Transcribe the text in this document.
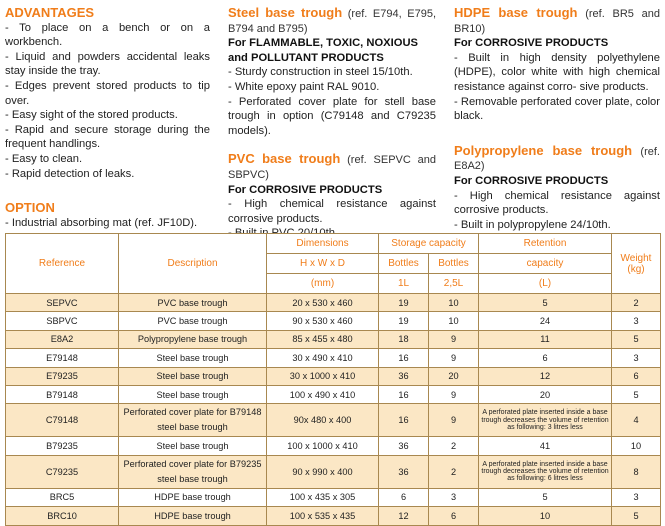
ADVANTAGES
- To place on a bench or on a workbench.
- Liquid and powders accidental leaks stay inside the tray.
- Edges prevent stored products to tip over.
- Easy sight of the stored products.
- Rapid and secure storage during the frequent handlings.
- Easy to clean.
- Rapid detection of leaks.
OPTION
- Industrial absorbing mat (ref. JF10D).
Steel base trough (ref. E794, E795, B794 and B795)
For FLAMMABLE, TOXIC, NOXIOUS and POLLUTANT PRODUCTS
- Sturdy construction in steel 15/10th.
- White epoxy paint RAL 9010.
- Perforated cover plate for stell base trough in option (C79148 and C79235 models).
PVC base trough (ref. SEPVC and SBPVC)
For CORROSIVE PRODUCTS
- High chemical resistance against corrosive products.
HDPE base trough (ref. BR5 and BR10)
For CORROSIVE PRODUCTS
- Built in high density polyethylene (HDPE), color white with high chemical resistance against corro- sive products.
- Removable perforated cover plate, color black.
Polypropylene base trough (ref. E8A2)
For CORROSIVE PRODUCTS
- High chemical resistance against corrosive products.
- Built in polypropylene 24/10th.
Reference	Description	Dimensions	Storage capacity		Retention	Weight
(kg)

		H x W x D	Bottles	Bottles	capacity	
		(mm)	1L	2,5L	(L)	
SEPVC	PVC base trough	20 x 530 x 460	19	10	5	2
SBPVC	PVC base trough	90 x 530 x 460	19	10	24	3
E8A2	Polypropylene base trough	85 x 455 x 480	18	9	11	5
E79148	Steel base trough	30 x 490 x 410	16	9	6	3
E79235	Steel base trough	30 x 1000 x 410	36	20	12	6
B79148	Steel base trough	100 x 490 x 410	16	9	20	5
C79148	Perforated cover plate for B79148
steel base trough	90x 480 x 400	16	9	A perforated plate inserted inside a base trough decreases the volume of retention as following: 3 litres less	4
B79235	Steel base trough	100 x 1000 x 410	36	2	41	10
C79235	Perforated cover plate for B79235
steel base trough	90 x 990 x 400	36	2	A perforated plate inserted inside a base trough decreases the volume of retention as following: 6 litres less	8
BRC5	HDPE base trough	100 x 435 x 305	6	3	5	3
BRC10	HDPE base trough	100 x 535 x 435	12	6	10	5
